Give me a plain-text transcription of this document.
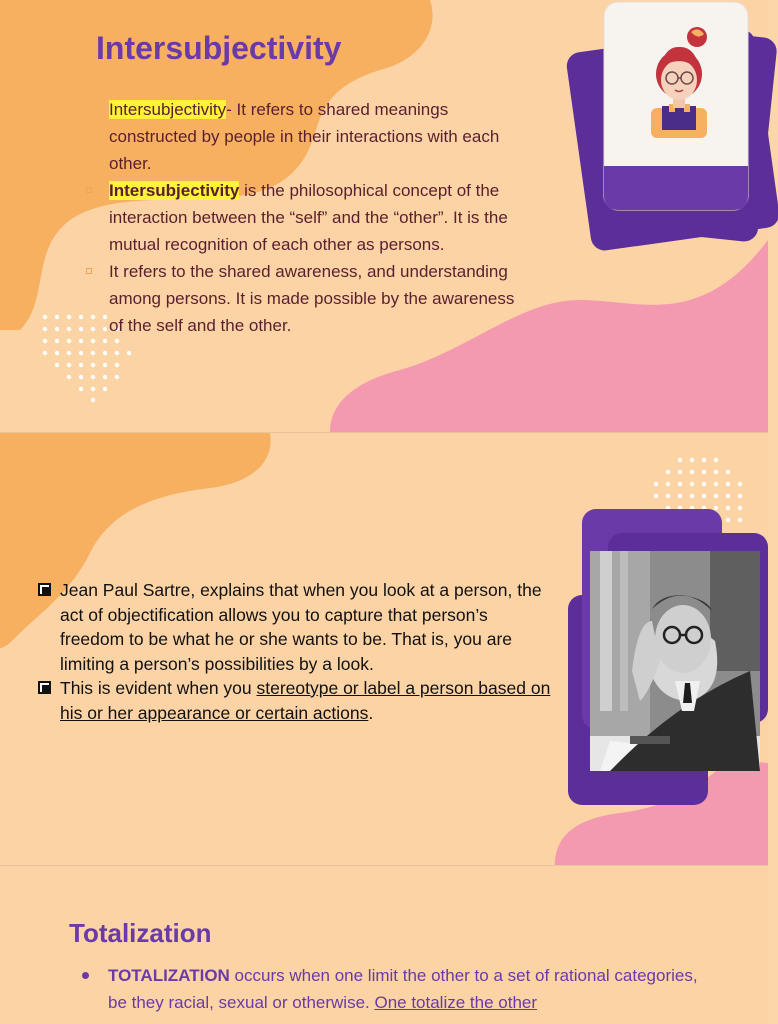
Intersubjectivity

Intersubjectivity- It refers to shared meanings constructed by people in their interactions with each other.

Intersubjectivity is the philosophical concept of the interaction between the “self” and the “other”. It is the mutual recognition of each other as persons.

It refers to the shared awareness, and understanding among persons. It is made possible by the awareness of the self and the other.

Jean Paul Sartre, explains that when you look at a person, the act of objectification allows you to capture that person’s freedom to be what he or she wants to be. That is, you are limiting a person’s possibilities by a look.

This is evident when you stereotype or label a person based on his or her appearance or certain actions.

Totalization

TOTALIZATION occurs when one limit the other to a set of rational categories, be they racial, sexual or otherwise. One totalize the other
